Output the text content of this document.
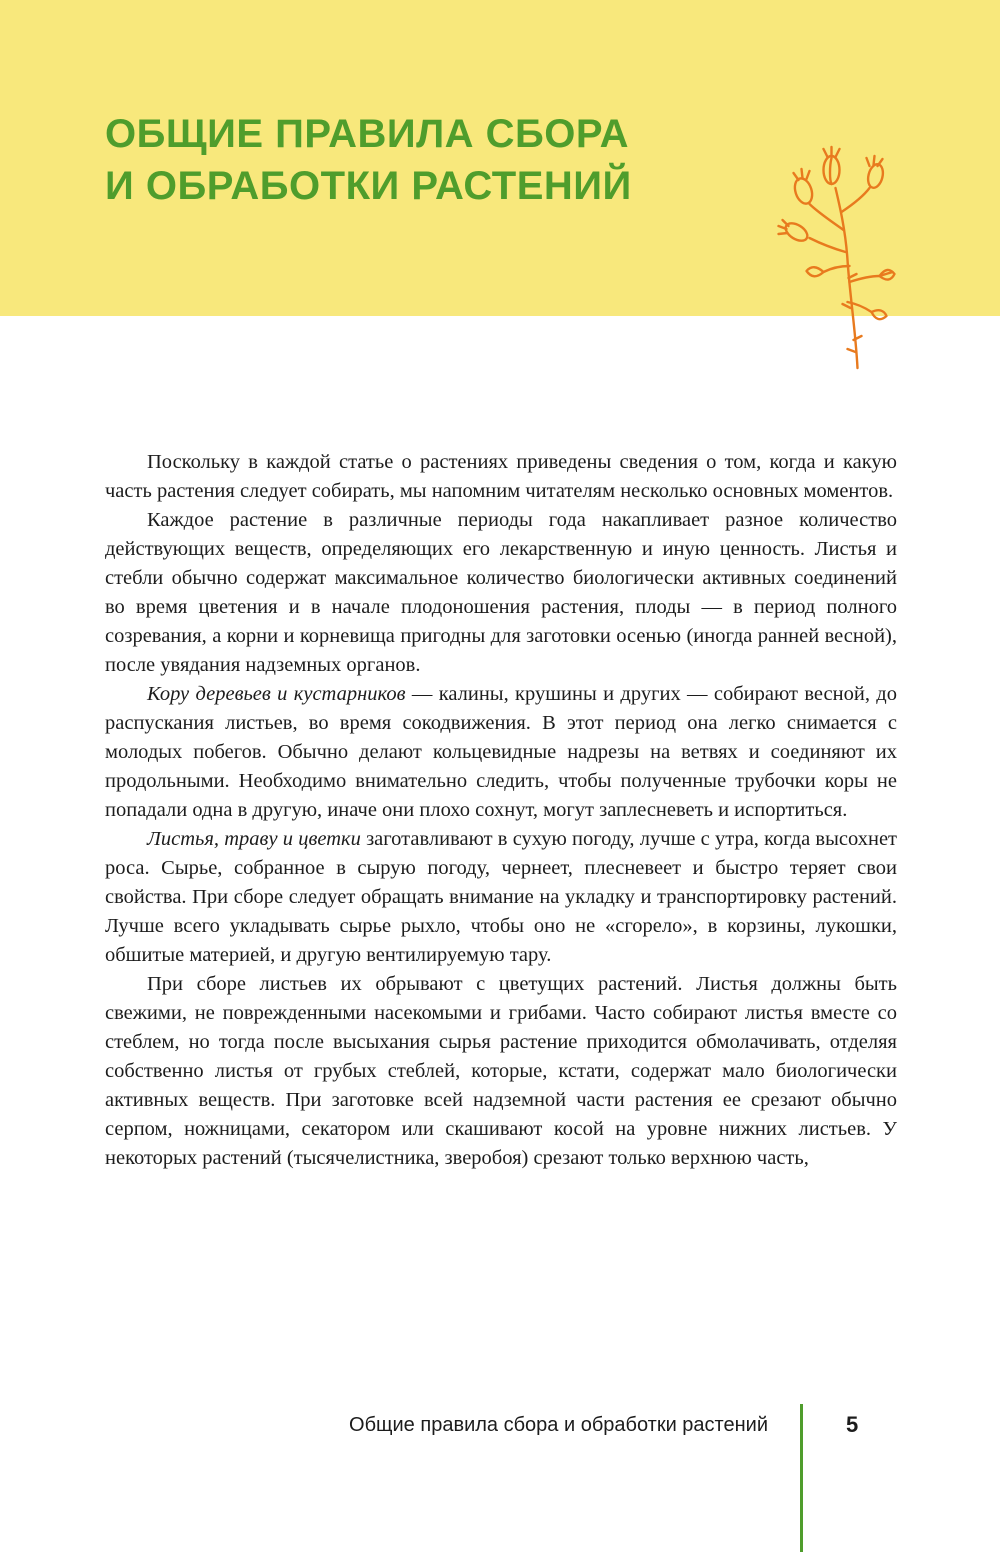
ОБЩИЕ ПРАВИЛА СБОРА
И ОБРАБОТКИ РАСТЕНИЙ

Поскольку в каждой статье о растениях приведены сведения о том, когда и какую часть растения следует собирать, мы напомним читателям несколько основных моментов.

Каждое растение в различные периоды года накапливает разное количество действующих веществ, определяющих его лекарственную и иную ценность. Листья и стебли обычно содержат максимальное количество биологически активных соединений во время цветения и в начале плодоношения растения, плоды — в период полного созревания, а корни и корневища пригодны для заготовки осенью (иногда ранней весной), после увядания надземных органов.

Кору деревьев и кустарников — калины, крушины и других — собирают весной, до распускания листьев, во время сокодвижения. В этот период она легко снимается с молодых побегов. Обычно делают кольцевидные надрезы на ветвях и соединяют их продольными. Необходимо внимательно следить, чтобы полученные трубочки коры не попадали одна в другую, иначе они плохо сохнут, могут заплесневеть и испортиться.

Листья, траву и цветки заготавливают в сухую погоду, лучше с утра, когда высохнет роса. Сырье, собранное в сырую погоду, чернеет, плесневеет и быстро теряет свои свойства. При сборе следует обращать внимание на укладку и транспортировку растений. Лучше всего укладывать сырье рыхло, чтобы оно не «сгорело», в корзины, лукошки, обшитые материей, и другую вентилируемую тару.

При сборе листьев их обрывают с цветущих растений. Листья должны быть свежими, не поврежденными насекомыми и грибами. Часто собирают листья вместе со стеблем, но тогда после высыхания сырья растение приходится обмолачивать, отделяя собственно листья от грубых стеблей, которые, кстати, содержат мало биологически активных веществ. При заготовке всей надземной части растения ее срезают обычно серпом, ножницами, секатором или скашивают косой на уровне нижних листьев. У некоторых растений (тысячелистника, зверобоя) срезают только верхнюю часть,

Общие правила сбора и обработки растений	5
